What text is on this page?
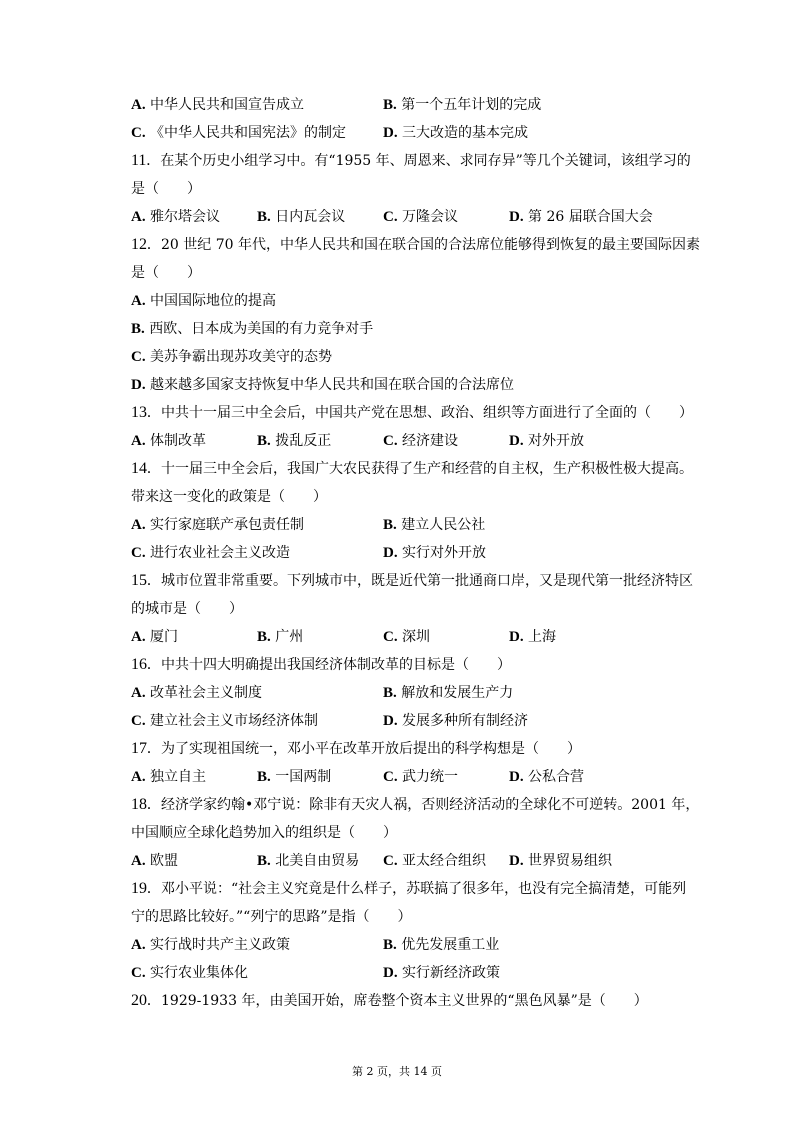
A. 中华人民共和国宣告成立	B. 第一个五年计划的完成
C. 《中华人民共和国宪法》的制定 D. 三大改造的基本完成
11. 在某个历史小组学习中。有“1955 年、周恩来、求同存异”等几个关键词，该组学习的
是（　　）
A. 雅尔塔会议 B. 日内瓦会议	C. 万隆会议	D. 第 26 届联合国大会
12. 20 世纪 70 年代，中华人民共和国在联合国的合法席位能够得到恢复的最主要国际因素
是（　　）
A. 中国国际地位的提高
B. 西欧、日本成为美国的有力竞争对手
C. 美苏争霸出现苏攻美守的态势
D. 越来越多国家支持恢复中华人民共和国在联合国的合法席位
13. 中共十一届三中全会后，中国共产党在思想、政治、组织等方面进行了全面的（　　）
A. 体制改革	B. 拨乱反正	C. 经济建设	D. 对外开放
14. 十一届三中全会后，我国广大农民获得了生产和经营的自主权，生产积极性极大提高。
带来这一变化的政策是（　　）
A. 实行家庭联产承包责任制	B. 建立人民公社
C. 进行农业社会主义改造	D. 实行对外开放
15. 城市位置非常重要。下列城市中，既是近代第一批通商口岸，又是现代第一批经济特区
的城市是（　　）
A. 厦门	B. 广州	C. 深圳	D. 上海
16. 中共十四大明确提出我国经济体制改革的目标是（　　）
A. 改革社会主义制度	B. 解放和发展生产力
C. 建立社会主义市场经济体制	D. 发展多种所有制经济
17. 为了实现祖国统一，邓小平在改革开放后提出的科学构想是（　　）
A. 独立自主	B. 一国两制	C. 武力统一	D. 公私合营
18. 经济学家约翰•邓宁说：除非有天灾人祸，否则经济活动的全球化不可逆转。2001 年，
中国顺应全球化趋势加入的组织是（　　）
A. 欧盟	B. 北美自由贸易 C. 亚太经合组织 D. 世界贸易组织
19. 邓小平说：“社会主义究竟是什么样子，苏联搞了很多年，也没有完全搞清楚，可能列
宁的思路比较好。”“列宁的思路”是指（　　）
A. 实行战时共产主义政策	B. 优先发展重工业
C. 实行农业集体化	D. 实行新经济政策
20. 1929-1933 年，由美国开始，席卷整个资本主义世界的“黑色风暴”是（　　）
第 2 页，共 14 页
